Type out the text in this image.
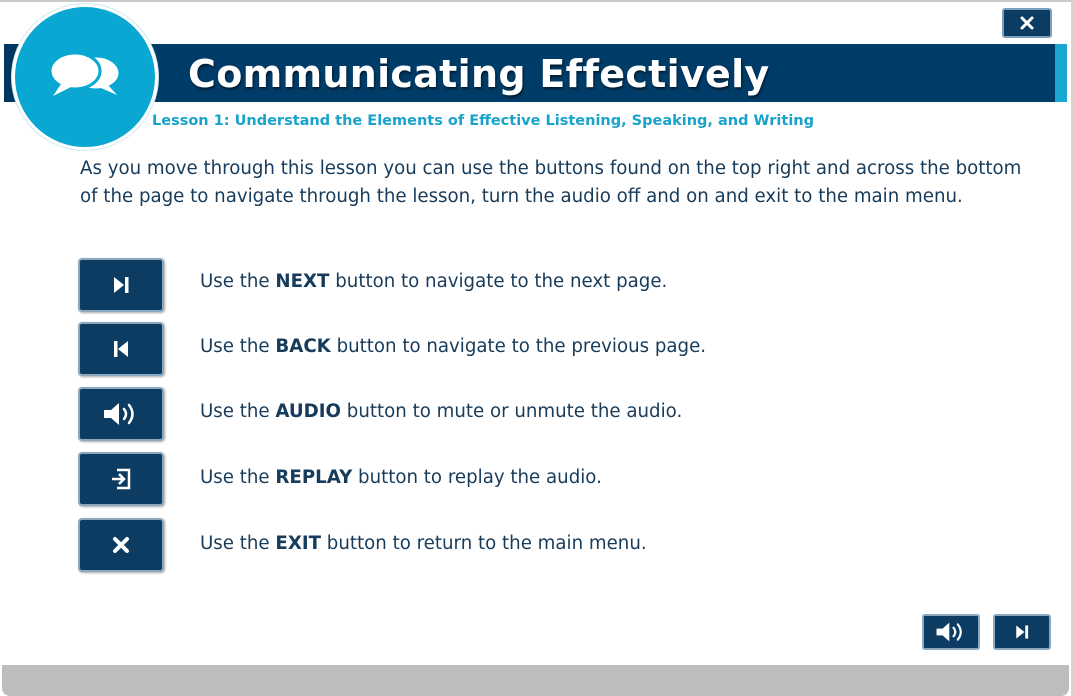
Communicating Effectively
Lesson 1: Understand the Elements of Effective Listening, Speaking, and Writing
As you move through this lesson you can use the buttons found on the top right and across the bottom of the page to navigate through the lesson, turn the audio off and on and exit to the main menu.
Use the NEXT button to navigate to the next page.
Use the BACK button to navigate to the previous page.
Use the AUDIO button to mute or unmute the audio.
Use the REPLAY button to replay the audio.
Use the EXIT button to return to the main menu.
